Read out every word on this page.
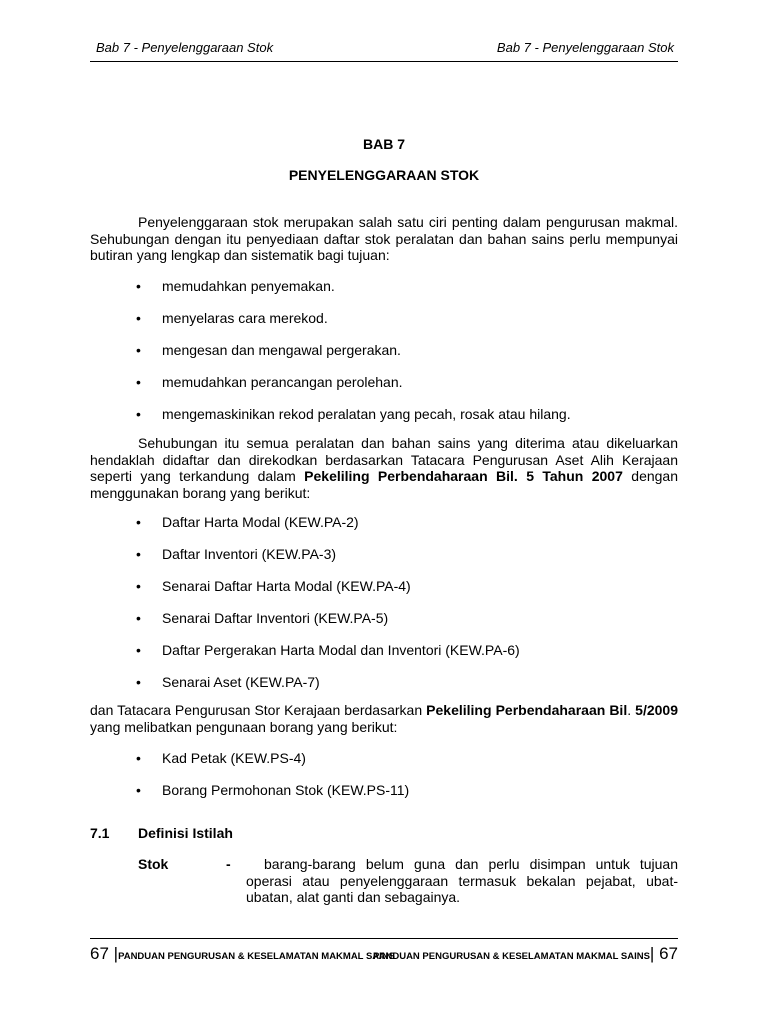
Bab 7 - Penyelenggaraan Stok	Bab 7 - Penyelenggaraan Stok
BAB 7
PENYELENGGARAAN STOK
Penyelenggaraan stok merupakan salah satu ciri penting dalam pengurusan makmal. Sehubungan dengan itu penyediaan daftar stok peralatan dan bahan sains perlu mempunyai butiran yang lengkap dan sistematik bagi tujuan:
• memudahkan penyemakan.
• menyelaras cara merekod.
• mengesan dan mengawal pergerakan.
• memudahkan perancangan perolehan.
• mengemaskinikan rekod peralatan yang pecah, rosak atau hilang.
Sehubungan itu semua peralatan dan bahan sains yang diterima atau dikeluarkan hendaklah didaftar dan direkodkan berdasarkan Tatacara Pengurusan Aset Alih Kerajaan seperti yang terkandung dalam Pekeliling Perbendaharaan Bil. 5 Tahun 2007 dengan menggunakan borang yang berikut:
• Daftar Harta Modal (KEW.PA-2)
• Daftar Inventori (KEW.PA-3)
• Senarai Daftar Harta Modal (KEW.PA-4)
• Senarai Daftar Inventori (KEW.PA-5)
• Daftar Pergerakan Harta Modal dan Inventori (KEW.PA-6)
• Senarai Aset (KEW.PA-7)
dan Tatacara Pengurusan Stor Kerajaan berdasarkan Pekeliling Perbendaharaan Bil. 5/2009 yang melibatkan pengunaan borang yang berikut:
• Kad Petak (KEW.PS-4)
• Borang Permohonan Stok (KEW.PS-11)
7.1 Definisi Istilah
Stok	-	barang-barang belum guna dan perlu disimpan untuk tujuan operasi atau penyelenggaraan termasuk bekalan pejabat, ubat-ubatan, alat ganti dan sebagainya.
67 |PANDUAN PENGURUSAN & KESELAMATAN MAKMAL SAINS
PANDUAN PENGURUSAN & KESELAMATAN MAKMAL SAINS| 67
